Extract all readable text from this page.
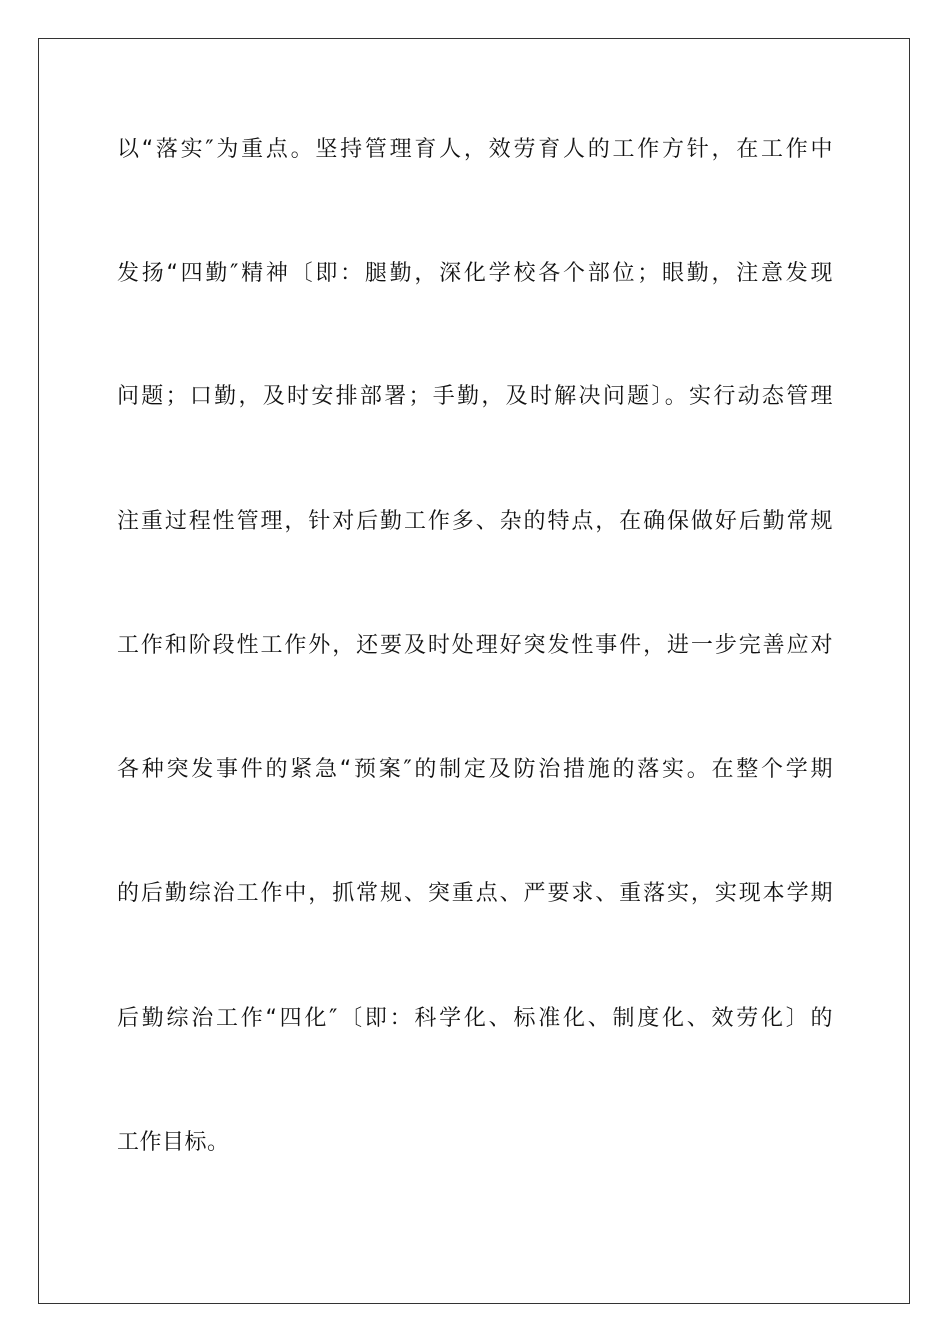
以“落实″为重点。坚持管理育人，效劳育人的工作方针，在工作中
发扬“四勤″精神〔即：腿勤，深化学校各个部位；眼勤，注意发现
问题；口勤，及时安排部署；手勤，及时解决问题〕。实行动态管理
注重过程性管理，针对后勤工作多、杂的特点，在确保做好后勤常规
工作和阶段性工作外，还要及时处理好突发性事件，进一步完善应对
各种突发事件的紧急“预案″的制定及防治措施的落实。在整个学期
的后勤综治工作中，抓常规、突重点、严要求、重落实，实现本学期
后勤综治工作“四化″〔即：科学化、标准化、制度化、效劳化〕的
工作目标。
